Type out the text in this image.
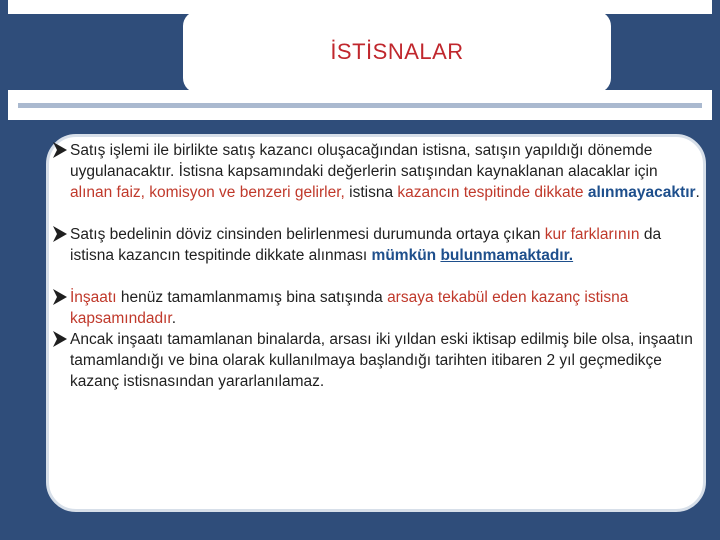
İSTİSNALAR

Satış işlemi ile birlikte satış kazancı oluşacağından istisna, satışın yapıldığı dönemde uygulanacaktır. İstisna kapsamındaki değerlerin satışından kaynaklanan alacaklar için alınan faiz, komisyon ve benzeri gelirler, istisna kazancın tespitinde dikkate alınmayacaktır.

Satış bedelinin döviz cinsinden belirlenmesi durumunda ortaya çıkan kur farklarının da istisna kazancın tespitinde dikkate alınması mümkün bulunmamaktadır.

İnşaatı henüz tamamlanmamış bina satışında arsaya tekabül eden kazanç istisna kapsamındadır.

Ancak inşaatı tamamlanan binalarda, arsası iki yıldan eski iktisap edilmiş bile olsa, inşaatın tamamlandığı ve bina olarak kullanılmaya başlandığı tarihten itibaren 2 yıl geçmedikçe kazanç istisnasından yararlanılamaz.
